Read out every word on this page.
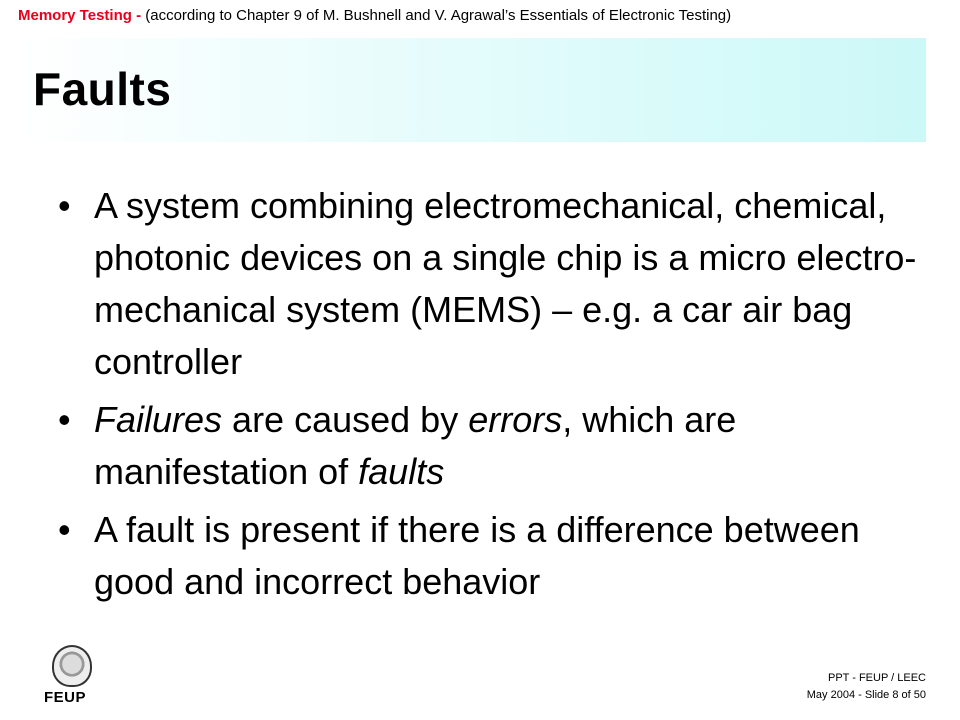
Memory Testing - (according to Chapter 9 of M. Bushnell and V. Agrawal’s Essentials of Electronic Testing)
Faults
• A system combining electromechanical, chemical, photonic devices on a single chip is a micro electro-mechanical system (MEMS) – e.g. a car air bag controller
• Failures are caused by errors, which are manifestation of faults
• A fault is present if there is a difference between good and incorrect behavior
FEUP
PPT - FEUP / LEEC
May 2004 - Slide 8 of 50
